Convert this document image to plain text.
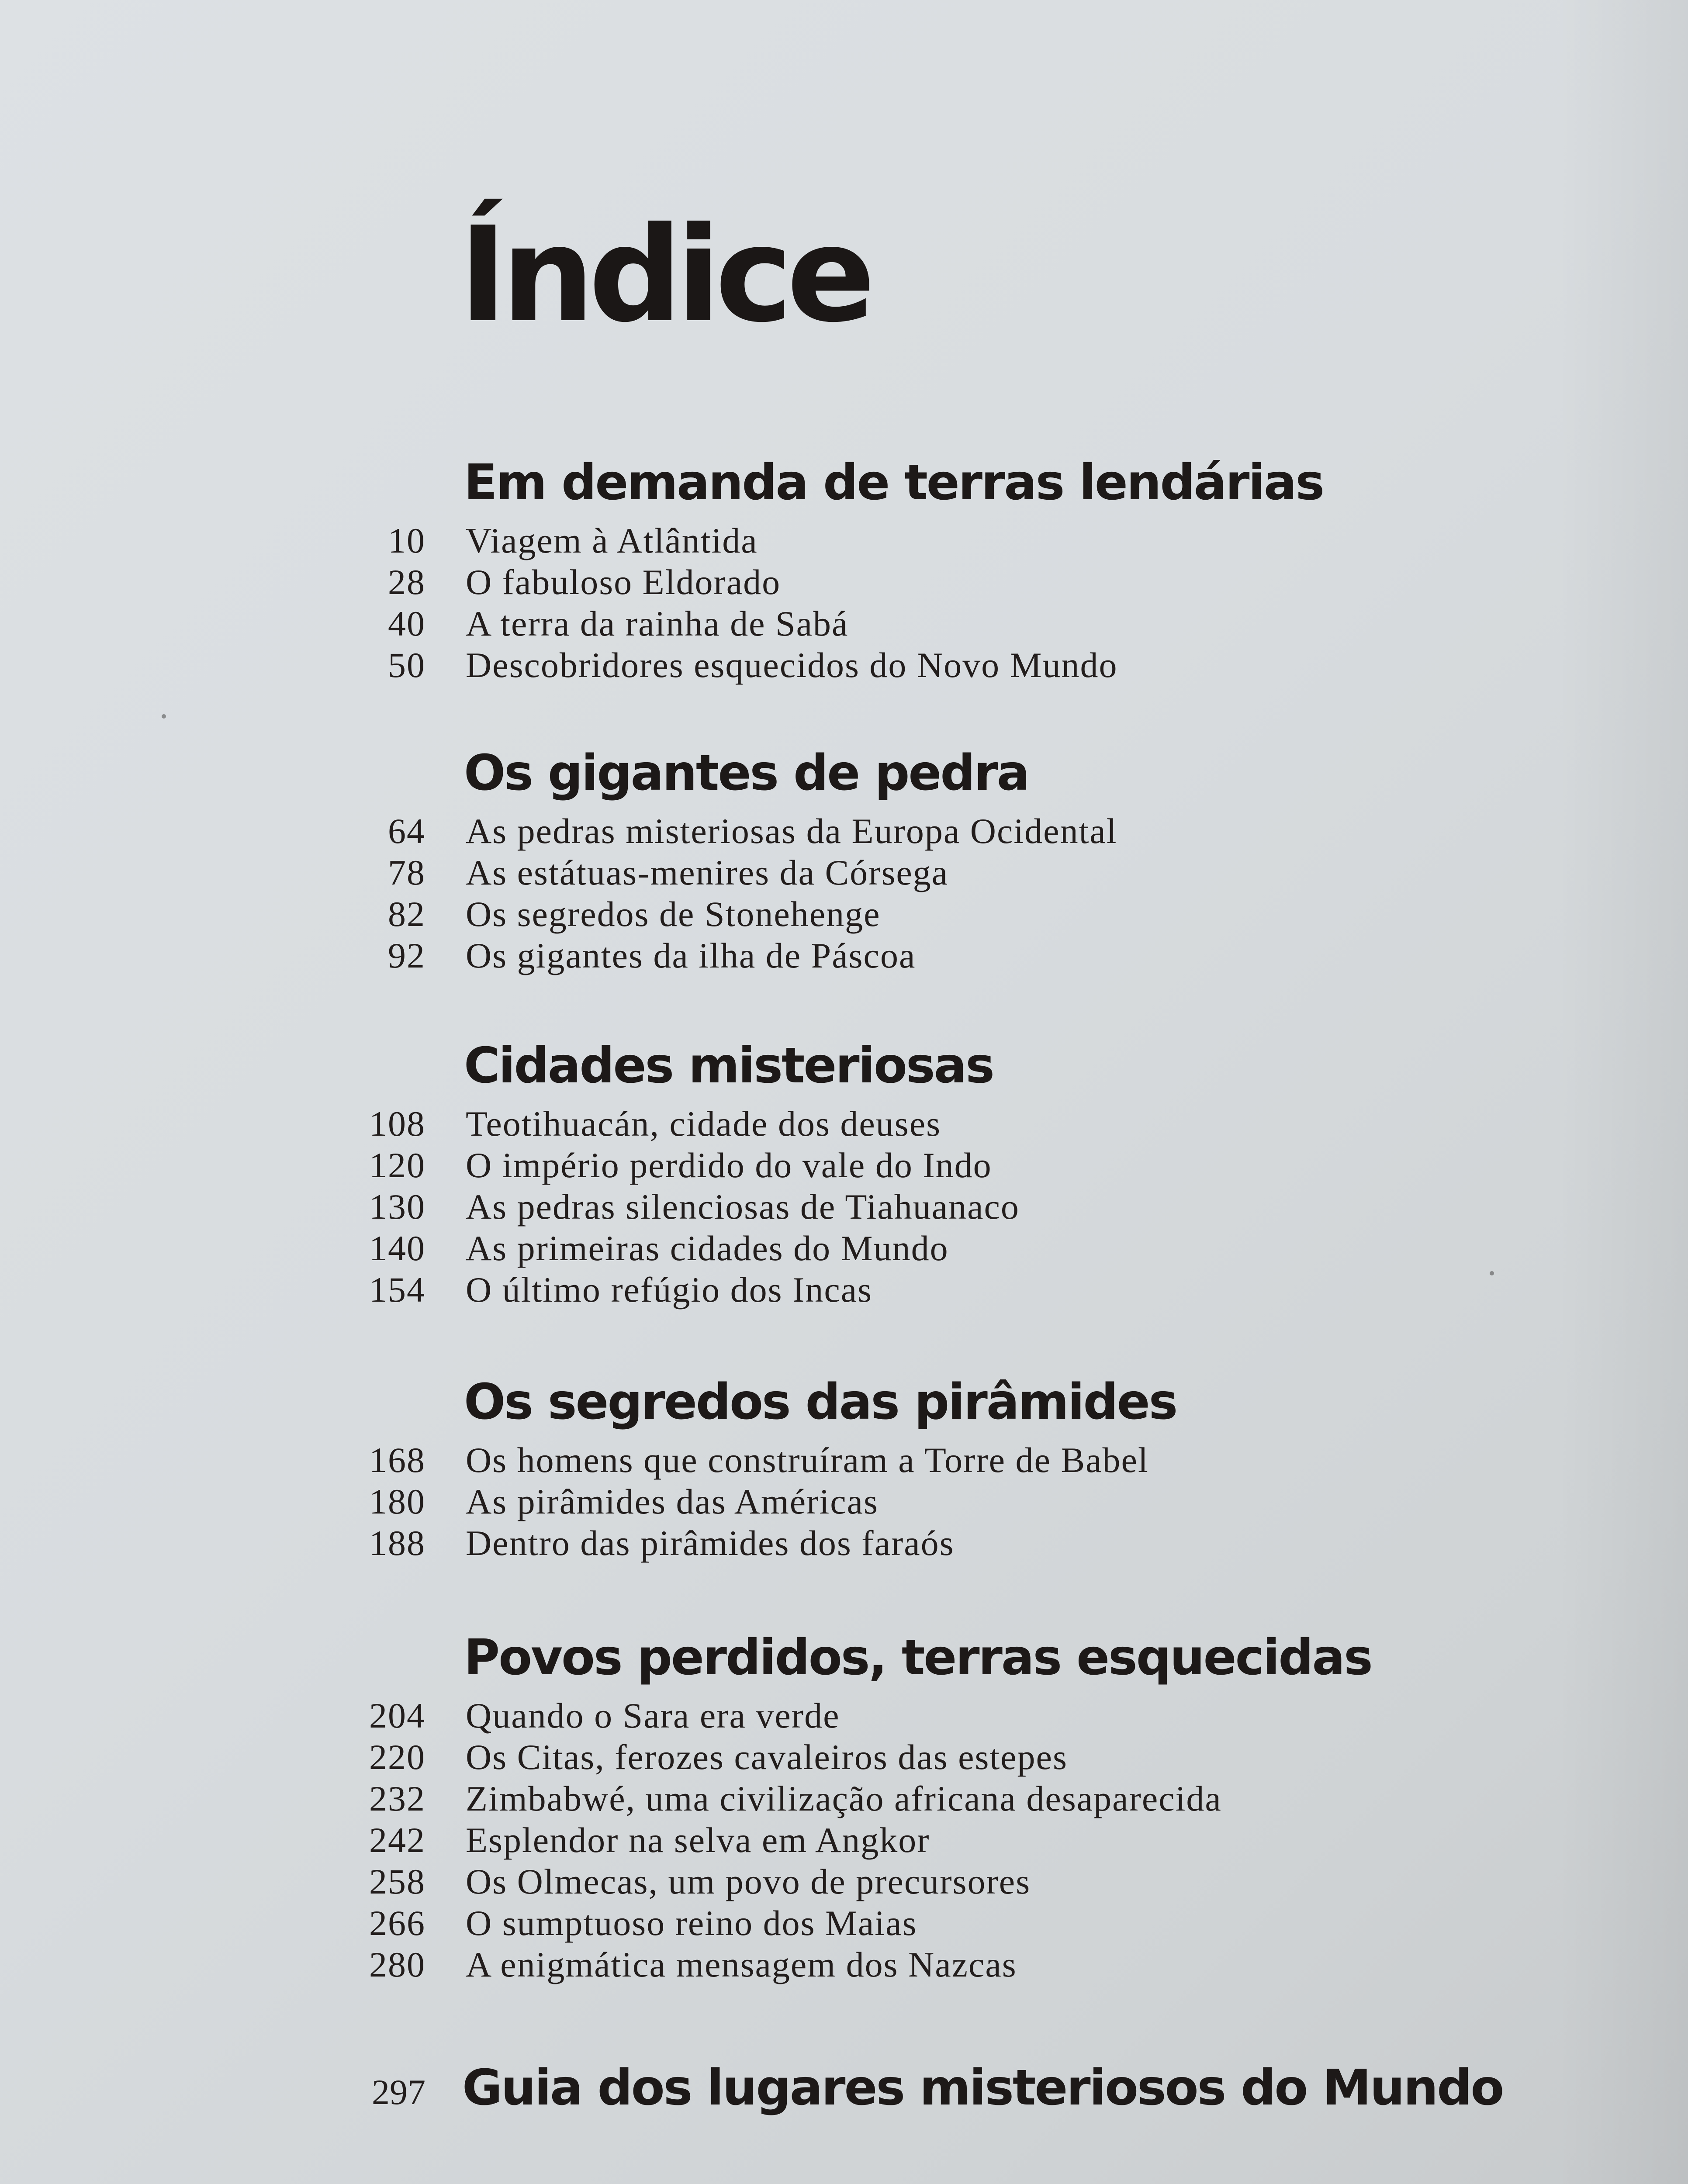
Índice
Em demanda de terras lendárias
10 Viagem à Atlântida
28 O fabuloso Eldorado
40 A terra da rainha de Sabá
50 Descobridores esquecidos do Novo Mundo
Os gigantes de pedra
64 As pedras misteriosas da Europa Ocidental
78 As estátuas-menires da Córsega
82 Os segredos de Stonehenge
92 Os gigantes da ilha de Páscoa
Cidades misteriosas
108 Teotihuacán, cidade dos deuses
120 O império perdido do vale do Indo
130 As pedras silenciosas de Tiahuanaco
140 As primeiras cidades do Mundo
154 O último refúgio dos Incas
Os segredos das pirâmides
168 Os homens que construíram a Torre de Babel
180 As pirâmides das Américas
188 Dentro das pirâmides dos faraós
Povos perdidos, terras esquecidas
204 Quando o Sara era verde
220 Os Citas, ferozes cavaleiros das estepes
232 Zimbabwé, uma civilização africana desaparecida
242 Esplendor na selva em Angkor
258 Os Olmecas, um povo de precursores
266 O sumptuoso reino dos Maias
280 A enigmática mensagem dos Nazcas
297 Guia dos lugares misteriosos do Mundo
